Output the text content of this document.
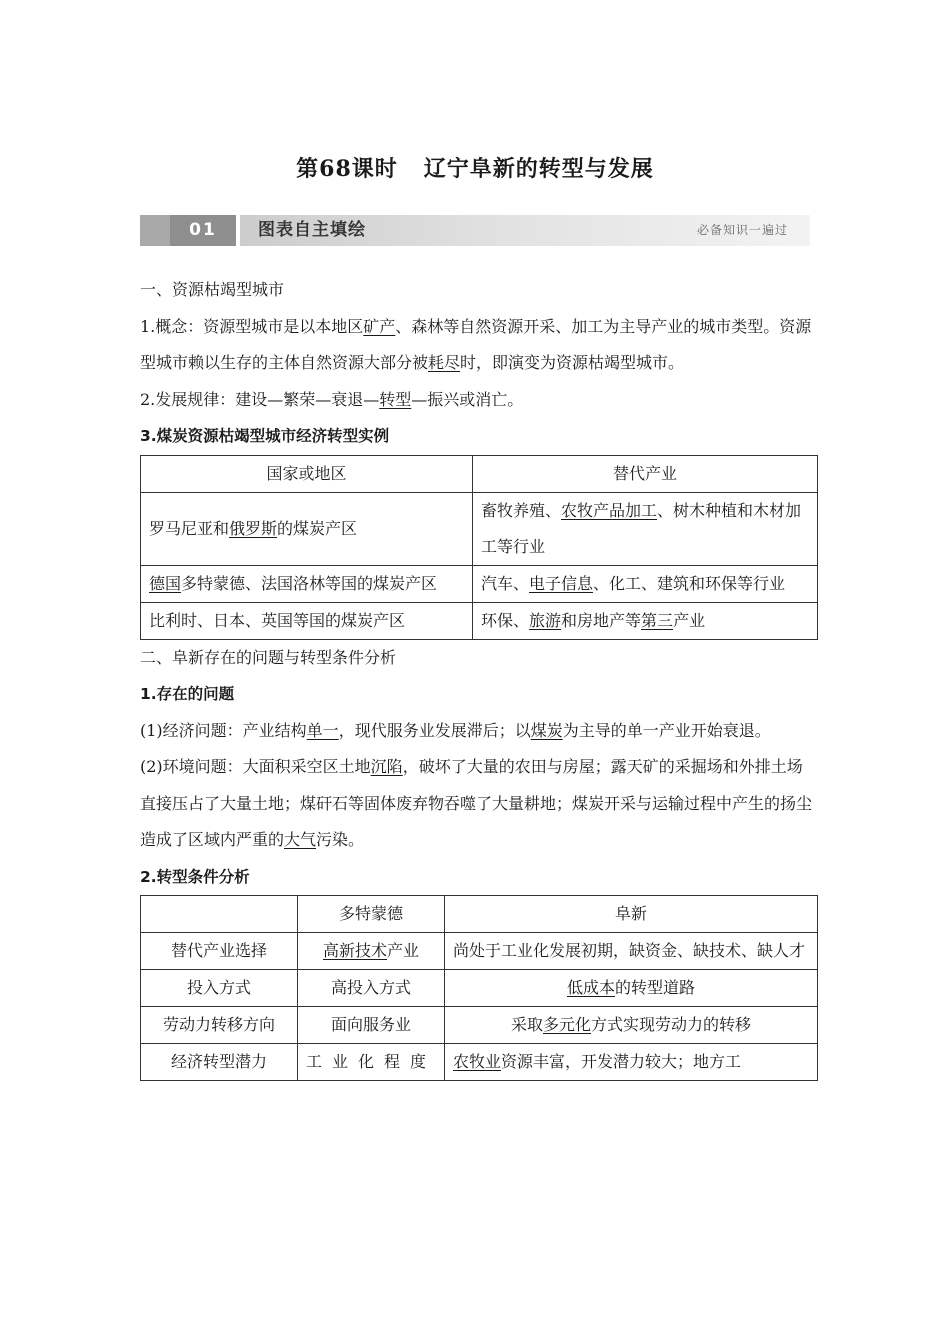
第68课时 辽宁阜新的转型与发展
01	图表自主填绘	必备知识一遍过

一、资源枯竭型城市

1.概念：资源型城市是以本地区矿产、森林等自然资源开采、加工为主导产业的城市类型。资源型城市赖以生存的主体自然资源大部分被耗尽时，即演变为资源枯竭型城市。

2.发展规律：建设—繁荣—衰退—转型—振兴或消亡。

3.煤炭资源枯竭型城市经济转型实例

国家或地区	替代产业
罗马尼亚和俄罗斯的煤炭产区	畜牧养殖、农牧产品加工、树木种植和木材加工等行业
德国多特蒙德、法国洛林等国的煤炭产区	汽车、电子信息、化工、建筑和环保等行业
比利时、日本、英国等国的煤炭产区	环保、旅游和房地产等第三产业

二、阜新存在的问题与转型条件分析

1.存在的问题

(1)经济问题：产业结构单一，现代服务业发展滞后；以煤炭为主导的单一产业开始衰退。

(2)环境问题：大面积采空区土地沉陷，破坏了大量的农田与房屋；露天矿的采掘场和外排土场直接压占了大量土地；煤矸石等固体废弃物吞噬了大量耕地；煤炭开采与运输过程中产生的扬尘造成了区域内严重的大气污染。

2.转型条件分析

	多特蒙德	阜新
替代产业选择	高新技术产业	尚处于工业化发展初期，缺资金、缺技术、缺人才
投入方式	高投入方式	低成本的转型道路
劳动力转移方向	面向服务业	采取多元化方式实现劳动力的转移
经济转型潜力	工业化程度	农牧业资源丰富，开发潜力较大；地方工
